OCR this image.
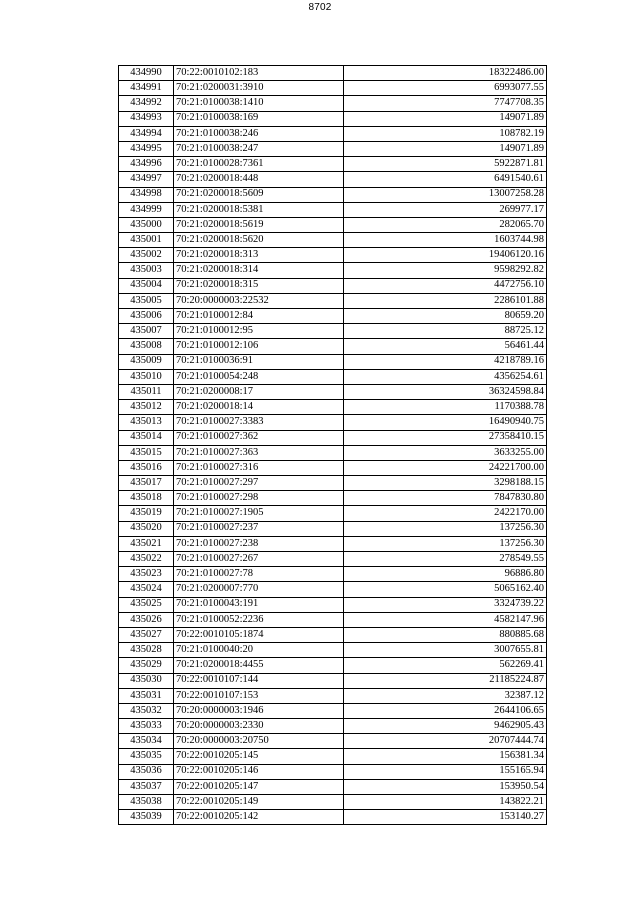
8702
434990	70:22:0010102:183	18322486.00
434991	70:21:0200031:3910	6993077.55
434992	70:21:0100038:1410	7747708.35
434993	70:21:0100038:169	149071.89
434994	70:21:0100038:246	108782.19
434995	70:21:0100038:247	149071.89
434996	70:21:0100028:7361	5922871.81
434997	70:21:0200018:448	6491540.61
434998	70:21:0200018:5609	13007258.28
434999	70:21:0200018:5381	269977.17
435000	70:21:0200018:5619	282065.70
435001	70:21:0200018:5620	1603744.98
435002	70:21:0200018:313	19406120.16
435003	70:21:0200018:314	9598292.82
435004	70:21:0200018:315	4472756.10
435005	70:20:0000003:22532	2286101.88
435006	70:21:0100012:84	80659.20
435007	70:21:0100012:95	88725.12
435008	70:21:0100012:106	56461.44
435009	70:21:0100036:91	4218789.16
435010	70:21:0100054:248	4356254.61
435011	70:21:0200008:17	36324598.84
435012	70:21:0200018:14	1170388.78
435013	70:21:0100027:3383	16490940.75
435014	70:21:0100027:362	27358410.15
435015	70:21:0100027:363	3633255.00
435016	70:21:0100027:316	24221700.00
435017	70:21:0100027:297	3298188.15
435018	70:21:0100027:298	7847830.80
435019	70:21:0100027:1905	2422170.00
435020	70:21:0100027:237	137256.30
435021	70:21:0100027:238	137256.30
435022	70:21:0100027:267	278549.55
435023	70:21:0100027:78	96886.80
435024	70:21:0200007:770	5065162.40
435025	70:21:0100043:191	3324739.22
435026	70:21:0100052:2236	4582147.96
435027	70:22:0010105:1874	880885.68
435028	70:21:0100040:20	3007655.81
435029	70:21:0200018:4455	562269.41
435030	70:22:0010107:144	21185224.87
435031	70:22:0010107:153	32387.12
435032	70:20:0000003:1946	2644106.65
435033	70:20:0000003:2330	9462905.43
435034	70:20:0000003:20750	20707444.74
435035	70:22:0010205:145	156381.34
435036	70:22:0010205:146	155165.94
435037	70:22:0010205:147	153950.54
435038	70:22:0010205:149	143822.21
435039	70:22:0010205:142	153140.27
